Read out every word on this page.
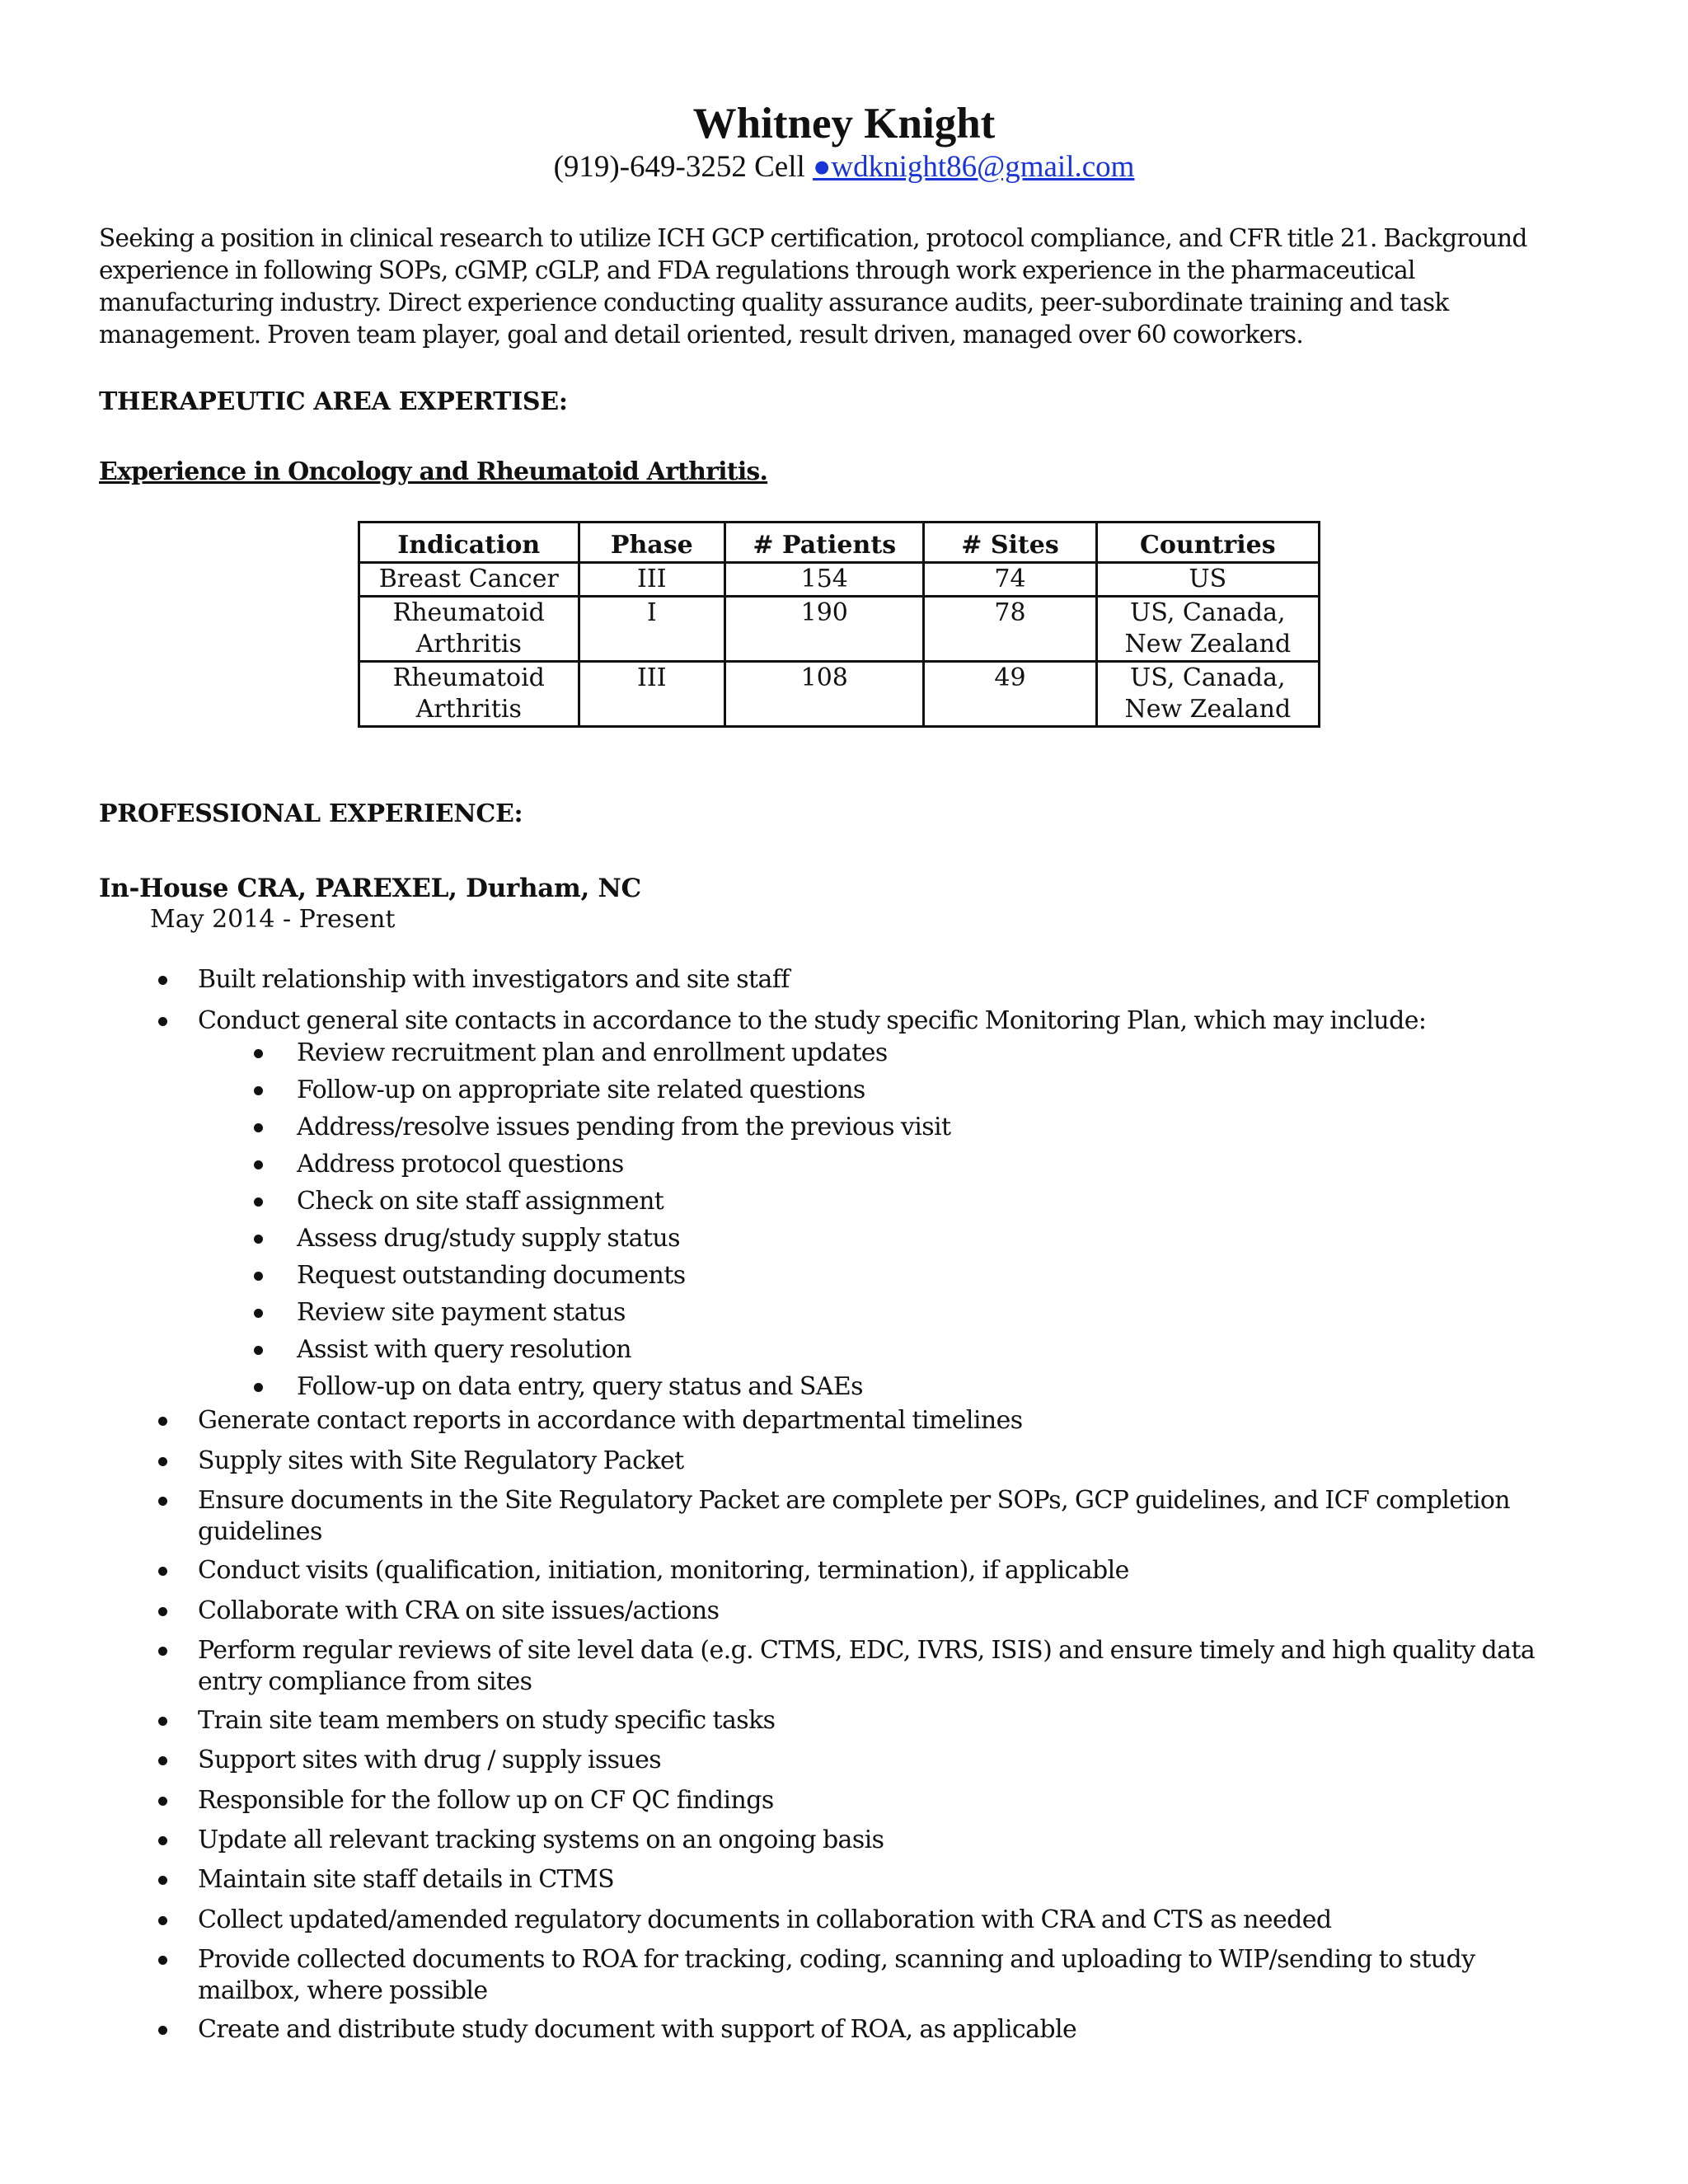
Whitney Knight
(919)-649-3252 Cell ●wdknight86@gmail.com
Seeking a position in clinical research to utilize ICH GCP certification, protocol compliance, and CFR title 21. Background experience in following SOPs, cGMP, cGLP, and FDA regulations through work experience in the pharmaceutical manufacturing industry. Direct experience conducting quality assurance audits, peer-subordinate training and task management. Proven team player, goal and detail oriented, result driven, managed over 60 coworkers.
THERAPEUTIC AREA EXPERTISE:
Experience in Oncology and Rheumatoid Arthritis.
Indication	Phase	# Patients	# Sites	Countries
Breast Cancer	III	154	74	US
Rheumatoid Arthritis	I	190	78	US, Canada, New Zealand
Rheumatoid Arthritis	III	108	49	US, Canada, New Zealand
PROFESSIONAL EXPERIENCE:
In-House CRA, PAREXEL, Durham, NC
May 2014 - Present
Built relationship with investigators and site staff
Conduct general site contacts in accordance to the study specific Monitoring Plan, which may include:
Review recruitment plan and enrollment updates
Follow-up on appropriate site related questions
Address/resolve issues pending from the previous visit
Address protocol questions
Check on site staff assignment
Assess drug/study supply status
Request outstanding documents
Review site payment status
Assist with query resolution
Follow-up on data entry, query status and SAEs
Generate contact reports in accordance with departmental timelines
Supply sites with Site Regulatory Packet
Ensure documents in the Site Regulatory Packet are complete per SOPs, GCP guidelines, and ICF completion guidelines
Conduct visits (qualification, initiation, monitoring, termination), if applicable
Collaborate with CRA on site issues/actions
Perform regular reviews of site level data (e.g. CTMS, EDC, IVRS, ISIS) and ensure timely and high quality data entry compliance from sites
Train site team members on study specific tasks
Support sites with drug / supply issues
Responsible for the follow up on CF QC findings
Update all relevant tracking systems on an ongoing basis
Maintain site staff details in CTMS
Collect updated/amended regulatory documents in collaboration with CRA and CTS as needed
Provide collected documents to ROA for tracking, coding, scanning and uploading to WIP/sending to study mailbox, where possible
Create and distribute study document with support of ROA, as applicable
